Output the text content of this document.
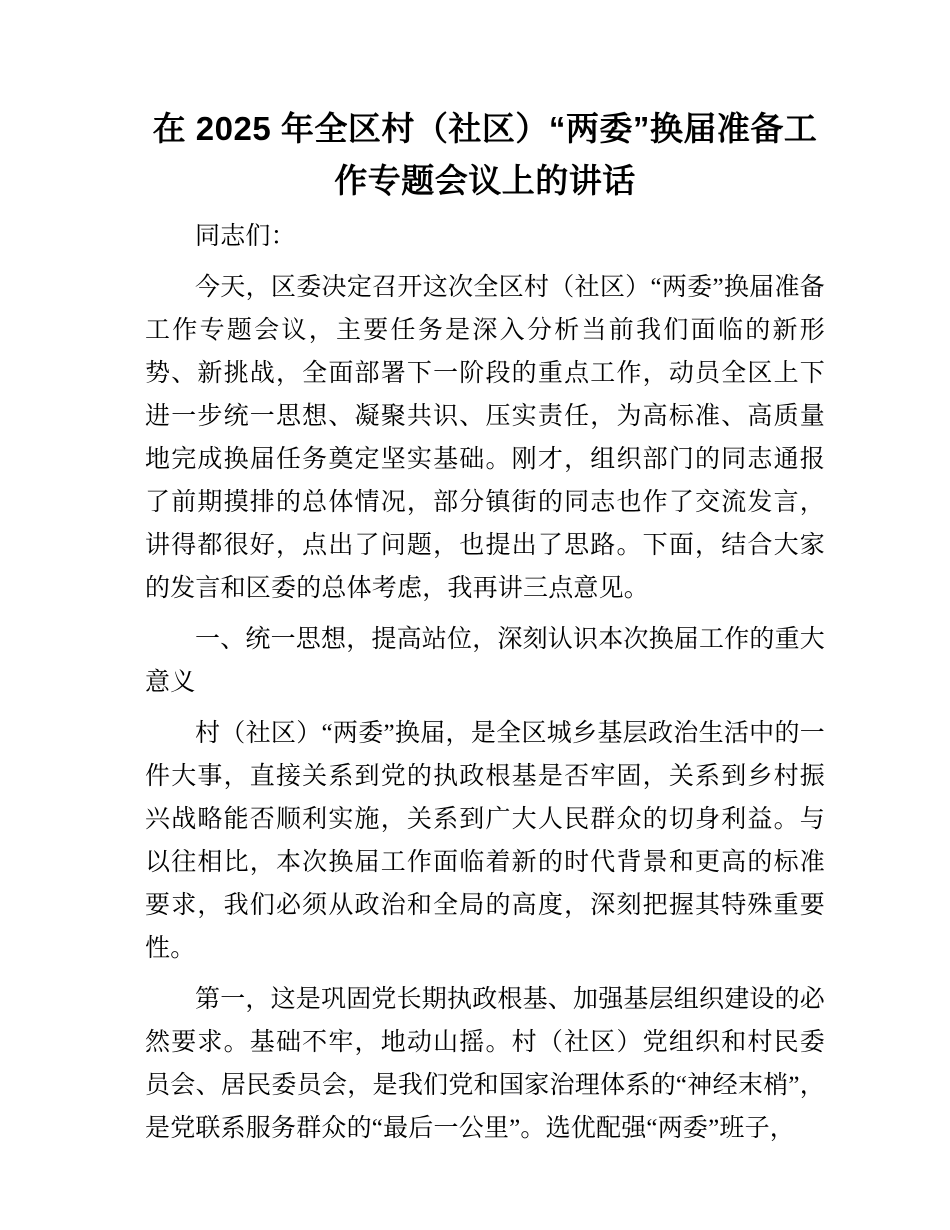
在 2025 年全区村（社区）“两委”换届准备工作专题会议上的讲话

同志们：

今天，区委决定召开这次全区村（社区）“两委”换届准备工作专题会议，主要任务是深入分析当前我们面临的新形势、新挑战，全面部署下一阶段的重点工作，动员全区上下进一步统一思想、凝聚共识、压实责任，为高标准、高质量地完成换届任务奠定坚实基础。刚才，组织部门的同志通报了前期摸排的总体情况，部分镇街的同志也作了交流发言，讲得都很好，点出了问题，也提出了思路。下面，结合大家的发言和区委的总体考虑，我再讲三点意见。

一、统一思想，提高站位，深刻认识本次换届工作的重大意义

村（社区）“两委”换届，是全区城乡基层政治生活中的一件大事，直接关系到党的执政根基是否牢固，关系到乡村振兴战略能否顺利实施，关系到广大人民群众的切身利益。与以往相比，本次换届工作面临着新的时代背景和更高的标准要求，我们必须从政治和全局的高度，深刻把握其特殊重要性。

第一，这是巩固党长期执政根基、加强基层组织建设的必然要求。基础不牢，地动山摇。村（社区）党组织和村民委员会、居民委员会，是我们党和国家治理体系的“神经末梢”，是党联系服务群众的“最后一公里”。选优配强“两委”班子，
